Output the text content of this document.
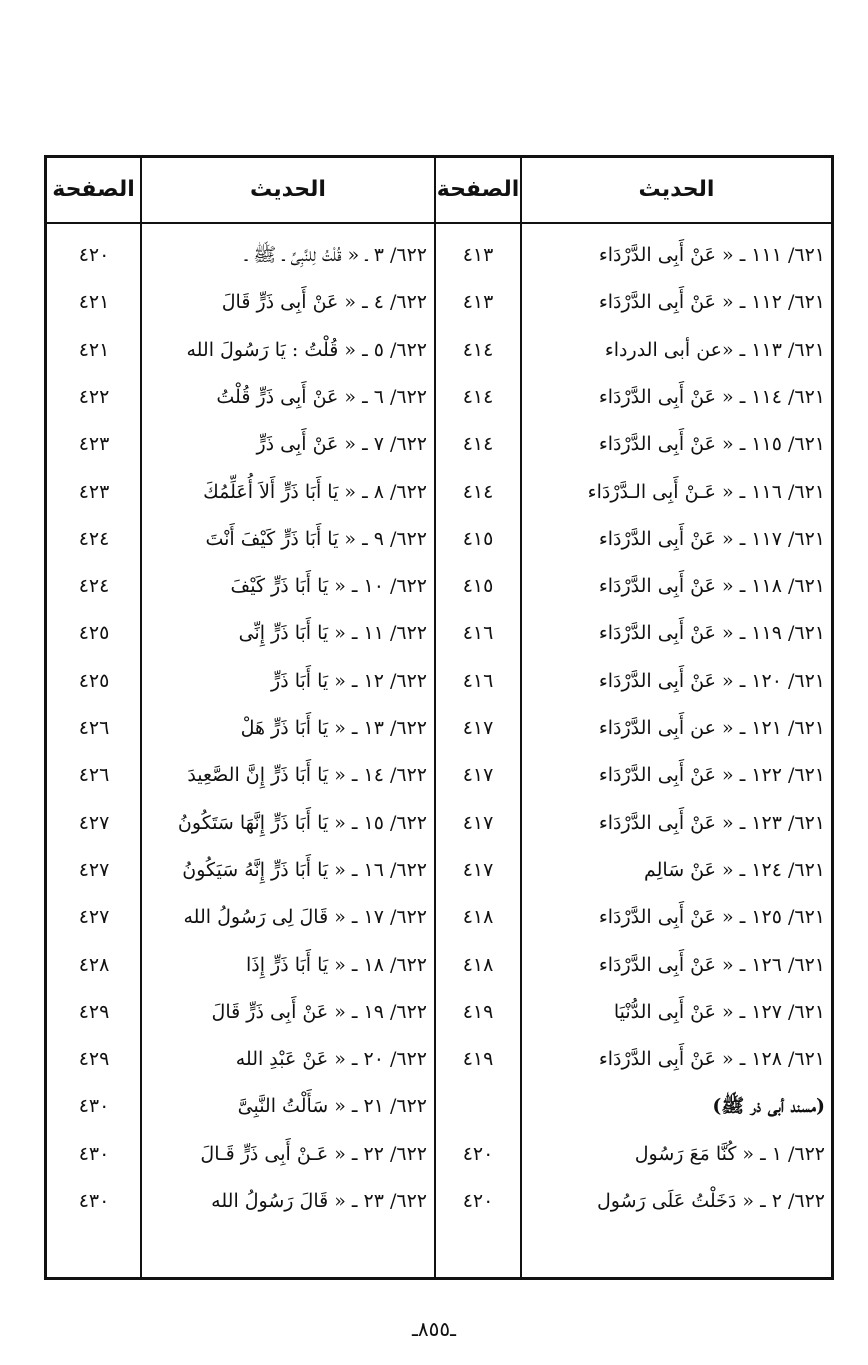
الحديث
الصفحة
الحديث
الصفحة
٦٢١/ ١١١ ـ « عَنْ أَبِى الدَّرْدَاء
٤١٣
٦٢١/ ١١٢ ـ « عَنْ أَبِى الدَّرْدَاء
٤١٣
٦٢١/ ١١٣ ـ «عن أبى الدرداء
٤١٤
٦٢١/ ١١٤ ـ « عَنْ أَبِى الدَّرْدَاء
٤١٤
٦٢١/ ١١٥ ـ « عَنْ أَبِى الدَّرْدَاء
٤١٤
٦٢١/ ١١٦ ـ « عَـنْ أَبِى الـدَّرْدَاء
٤١٤
٦٢١/ ١١٧ ـ « عَنْ أَبِى الدَّرْدَاء
٤١٥
٦٢١/ ١١٨ ـ « عَنْ أَبِى الدَّرْدَاء
٤١٥
٦٢١/ ١١٩ ـ « عَنْ أَبِى الدَّرْدَاء
٤١٦
٦٢١/ ١٢٠ ـ « عَنْ أَبِى الدَّرْدَاء
٤١٦
٦٢١/ ١٢١ ـ « عن أَبِى الدَّرْدَاء
٤١٧
٦٢١/ ١٢٢ ـ « عَنْ أَبِى الدَّرْدَاء
٤١٧
٦٢١/ ١٢٣ ـ « عَنْ أَبِى الدَّرْدَاء
٤١٧
٦٢١/ ١٢٤ ـ « عَنْ سَالِم
٤١٧
٦٢١/ ١٢٥ ـ « عَنْ أَبِى الدَّرْدَاء
٤١٨
٦٢١/ ١٢٦ ـ « عَنْ أَبِى الدَّرْدَاء
٤١٨
٦٢١/ ١٢٧ ـ « عَنْ أَبِى الدُّنْيَا
٤١٩
٦٢١/ ١٢٨ ـ « عَنْ أَبِى الدَّرْدَاء
٤١٩
(مسند أبى ذر ﷺ)
٦٢٢/ ١ ـ « كُنَّا مَعَ رَسُول
٤٢٠
٦٢٢/ ٢ ـ « دَخَلْتُ عَلَى رَسُول
٤٢٠
٦٢٢/ ٣ ـ « قُلْتُ لِلنَّبِىِّ ـ ﷺ ـ
٤٢٠
٦٢٢/ ٤ ـ « عَنْ أَبِى ذَرٍّ قَالَ
٤٢١
٦٢٢/ ٥ ـ « قُلْتُ : يَا رَسُولَ الله
٤٢١
٦٢٢/ ٦ ـ « عَنْ أَبِى ذَرٍّ قُلْتُ
٤٢٢
٦٢٢/ ٧ ـ « عَنْ أَبِى ذَرٍّ
٤٢٣
٦٢٢/ ٨ ـ « يَا أَبَا ذَرٍّ أَلاَ أُعَلِّمُكَ
٤٢٣
٦٢٢/ ٩ ـ « يَا أَبَا ذَرٍّ كَيْفَ أَنْتَ
٤٢٤
٦٢٢/ ١٠ ـ « يَا أَبَا ذَرٍّ كَيْفَ
٤٢٤
٦٢٢/ ١١ ـ « يَا أَبَا ذَرٍّ إِنِّى
٤٢٥
٦٢٢/ ١٢ ـ « يَا أَبَا ذَرٍّ
٤٢٥
٦٢٢/ ١٣ ـ « يَا أَبَا ذَرٍّ هَلْ
٤٢٦
٦٢٢/ ١٤ ـ « يَا أَبَا ذَرٍّ إِنَّ الصَّعِيدَ
٤٢٦
٦٢٢/ ١٥ ـ « يَا أَبَا ذَرٍّ إِنَّهَا سَتَكُونُ
٤٢٧
٦٢٢/ ١٦ ـ « يَا أَبَا ذَرٍّ إِنَّهُ سَيَكُونُ
٤٢٧
٦٢٢/ ١٧ ـ « قَالَ لِى رَسُولُ الله
٤٢٧
٦٢٢/ ١٨ ـ « يَا أَبَا ذَرٍّ إِذَا
٤٢٨
٦٢٢/ ١٩ ـ « عَنْ أَبِى ذَرٍّ قَالَ
٤٢٩
٦٢٢/ ٢٠ ـ « عَنْ عَبْدِ الله
٤٢٩
٦٢٢/ ٢١ ـ « سَأَلْتُ النَّبِىَّ
٤٣٠
٦٢٢/ ٢٢ ـ « عَـنْ أَبِى ذَرٍّ قَـالَ
٤٣٠
٦٢٢/ ٢٣ ـ « قَالَ رَسُولُ الله
٤٣٠
ـ٨٥٥ـ
